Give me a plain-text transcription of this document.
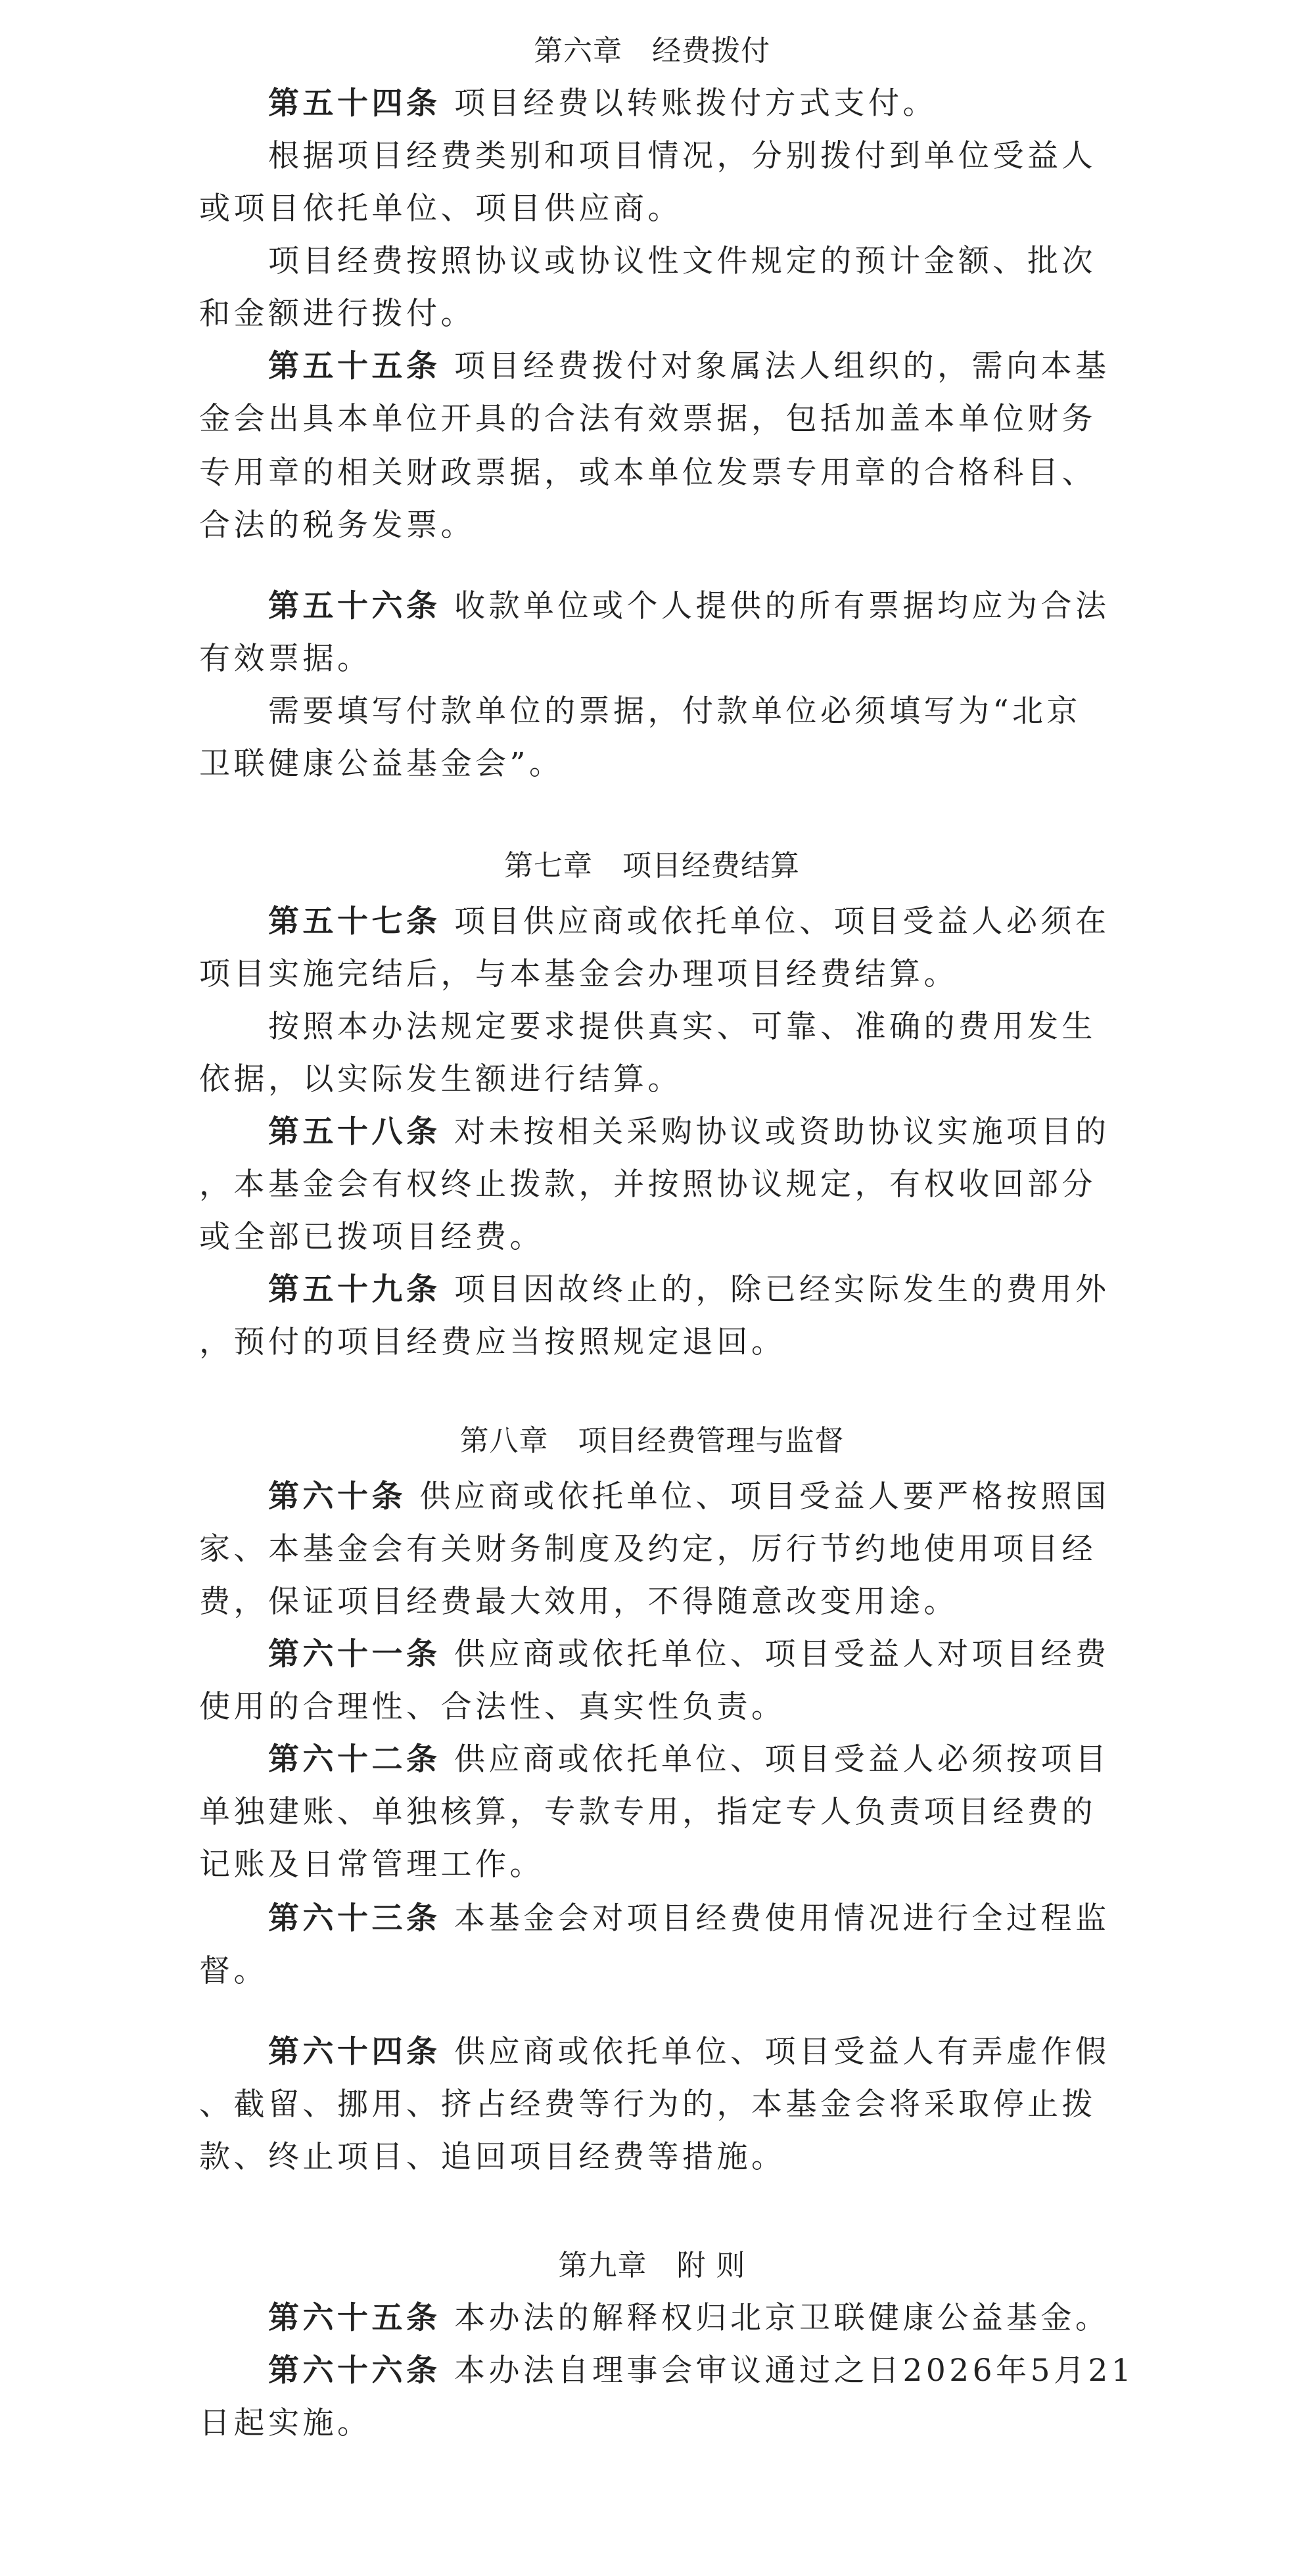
第六章　经费拨付
第五十四条 项目经费以转账拨付方式支付。
根据项目经费类别和项目情况，分别拨付到单位受益人
或项目依托单位、项目供应商。
项目经费按照协议或协议性文件规定的预计金额、批次
和金额进行拨付。
第五十五条 项目经费拨付对象属法人组织的，需向本基
金会出具本单位开具的合法有效票据，包括加盖本单位财务
专用章的相关财政票据，或本单位发票专用章的合格科目、
合法的税务发票。
第五十六条 收款单位或个人提供的所有票据均应为合法
有效票据。
需要填写付款单位的票据，付款单位必须填写为“北京
卫联健康公益基金会”。
第七章　项目经费结算
第五十七条 项目供应商或依托单位、项目受益人必须在
项目实施完结后，与本基金会办理项目经费结算。
按照本办法规定要求提供真实、可靠、准确的费用发生
依据，以实际发生额进行结算。
第五十八条 对未按相关采购协议或资助协议实施项目的
，本基金会有权终止拨款，并按照协议规定，有权收回部分
或全部已拨项目经费。
第五十九条 项目因故终止的，除已经实际发生的费用外
，预付的项目经费应当按照规定退回。
第八章　项目经费管理与监督
第六十条 供应商或依托单位、项目受益人要严格按照国
家、本基金会有关财务制度及约定，厉行节约地使用项目经
费，保证项目经费最大效用，不得随意改变用途。
第六十一条 供应商或依托单位、项目受益人对项目经费
使用的合理性、合法性、真实性负责。
第六十二条 供应商或依托单位、项目受益人必须按项目
单独建账、单独核算，专款专用，指定专人负责项目经费的
记账及日常管理工作。
第六十三条 本基金会对项目经费使用情况进行全过程监
督。
第六十四条 供应商或依托单位、项目受益人有弄虚作假
、截留、挪用、挤占经费等行为的，本基金会将采取停止拨
款、终止项目、追回项目经费等措施。
第九章　附 则
第六十五条 本办法的解释权归北京卫联健康公益基金。
第六十六条 本办法自理事会审议通过之日2026年5月21
日起实施。
